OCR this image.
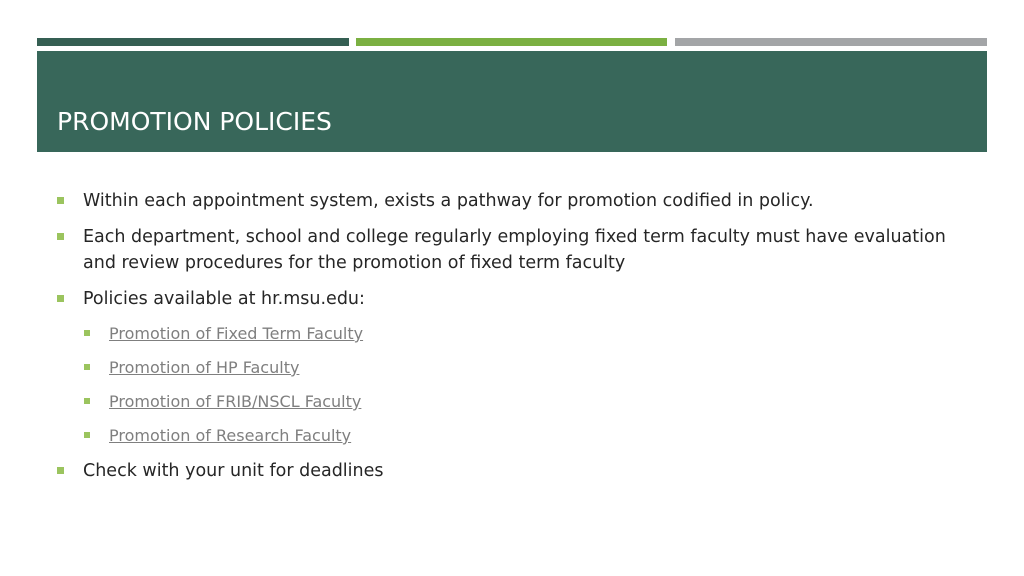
PROMOTION POLICIES
Within each appointment system, exists a pathway for promotion codified in policy.
Each department, school and college regularly employing fixed term faculty must have evaluation and review procedures for the promotion of fixed term faculty
Policies available at hr.msu.edu:
Promotion of Fixed Term Faculty
Promotion of HP Faculty
Promotion of FRIB/NSCL Faculty
Promotion of Research Faculty
Check with your unit for deadlines
